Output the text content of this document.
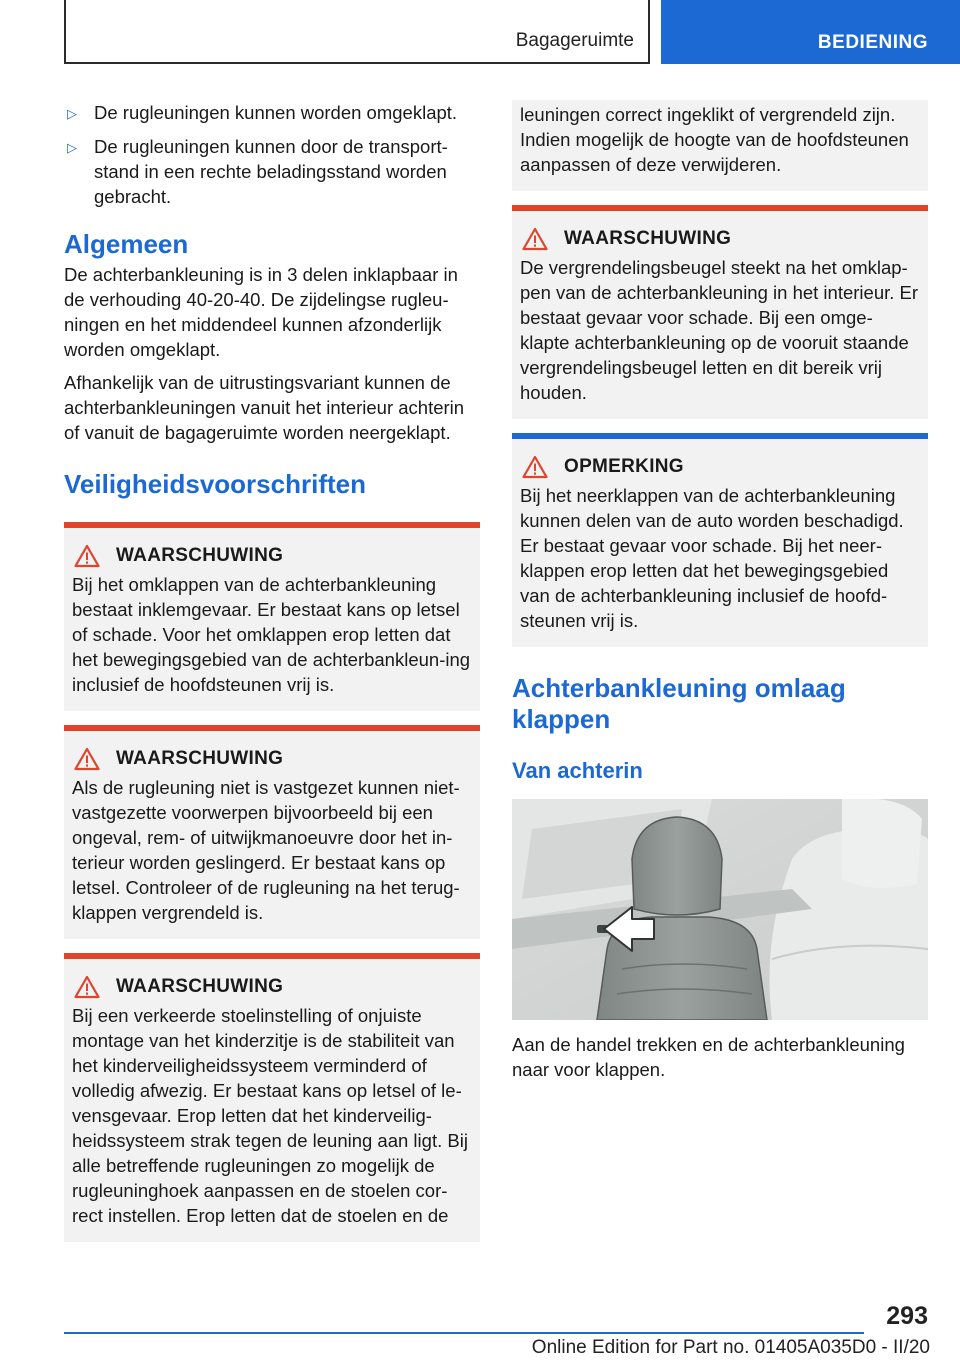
Bagageruimte	BEDIENING
▷ De rugleuningen kunnen worden omgeklapt.
▷ De rugleuningen kunnen door de transport-stand in een rechte beladingsstand worden gebracht.
Algemeen

De achterbankleuning is in 3 delen inklapbaar in de verhouding 40-20-40. De zijdelingse rugleu-ningen en het middendeel kunnen afzonderlijk worden omgeklapt.

Afhankelijk van de uitrustingsvariant kunnen de achterbankleuningen vanuit het interieur achterin of vanuit de bagageruimte worden neergeklapt.

Veiligheidsvoorschriften
WAARSCHUWING

Bij het omklappen van de achterbankleuning bestaat inklemgevaar. Er bestaat kans op letsel of schade. Voor het omklappen erop letten dat het bewegingsgebied van de achterbankleun-ing inclusief de hoofdsteunen vrij is.

WAARSCHUWING

Als de rugleuning niet is vastgezet kunnen niet-vastgezette voorwerpen bijvoorbeeld bij een ongeval, rem- of uitwijkmanoeuvre door het in-terieur worden geslingerd. Er bestaat kans op letsel. Controleer of de rugleuning na het terug-klappen vergrendeld is.

WAARSCHUWING

Bij een verkeerde stoelinstelling of onjuiste montage van het kinderzitje is de stabiliteit van het kinderveiligheidssysteem verminderd of volledig afwezig. Er bestaat kans op letsel of le-vensgevaar. Erop letten dat het kinderveilig-heidssysteem strak tegen de leuning aan ligt. Bij alle betreffende rugleuningen zo mogelijk de rugleuninghoek aanpassen en de stoelen cor-rect instellen. Erop letten dat de stoelen en de

leuningen correct ingeklikt of vergrendeld zijn. Indien mogelijk de hoogte van de hoofdsteunen aanpassen of deze verwijderen.

WAARSCHUWING

De vergrendelingsbeugel steekt na het omklap-pen van de achterbankleuning in het interieur. Er bestaat gevaar voor schade. Bij een omge-klapte achterbankleuning op de vooruit staande vergrendelingsbeugel letten en dit bereik vrij houden.

OPMERKING

Bij het neerklappen van de achterbankleuning kunnen delen van de auto worden beschadigd. Er bestaat gevaar voor schade. Bij het neer-klappen erop letten dat het bewegingsgebied van de achterbankleuning inclusief de hoofd-steunen vrij is.

Achterbankleuning omlaag klappen
Van achterin

Aan de handel trekken en de achterbankleuning naar voor klappen.

293
Online Edition for Part no. 01405A035D0 - II/20
